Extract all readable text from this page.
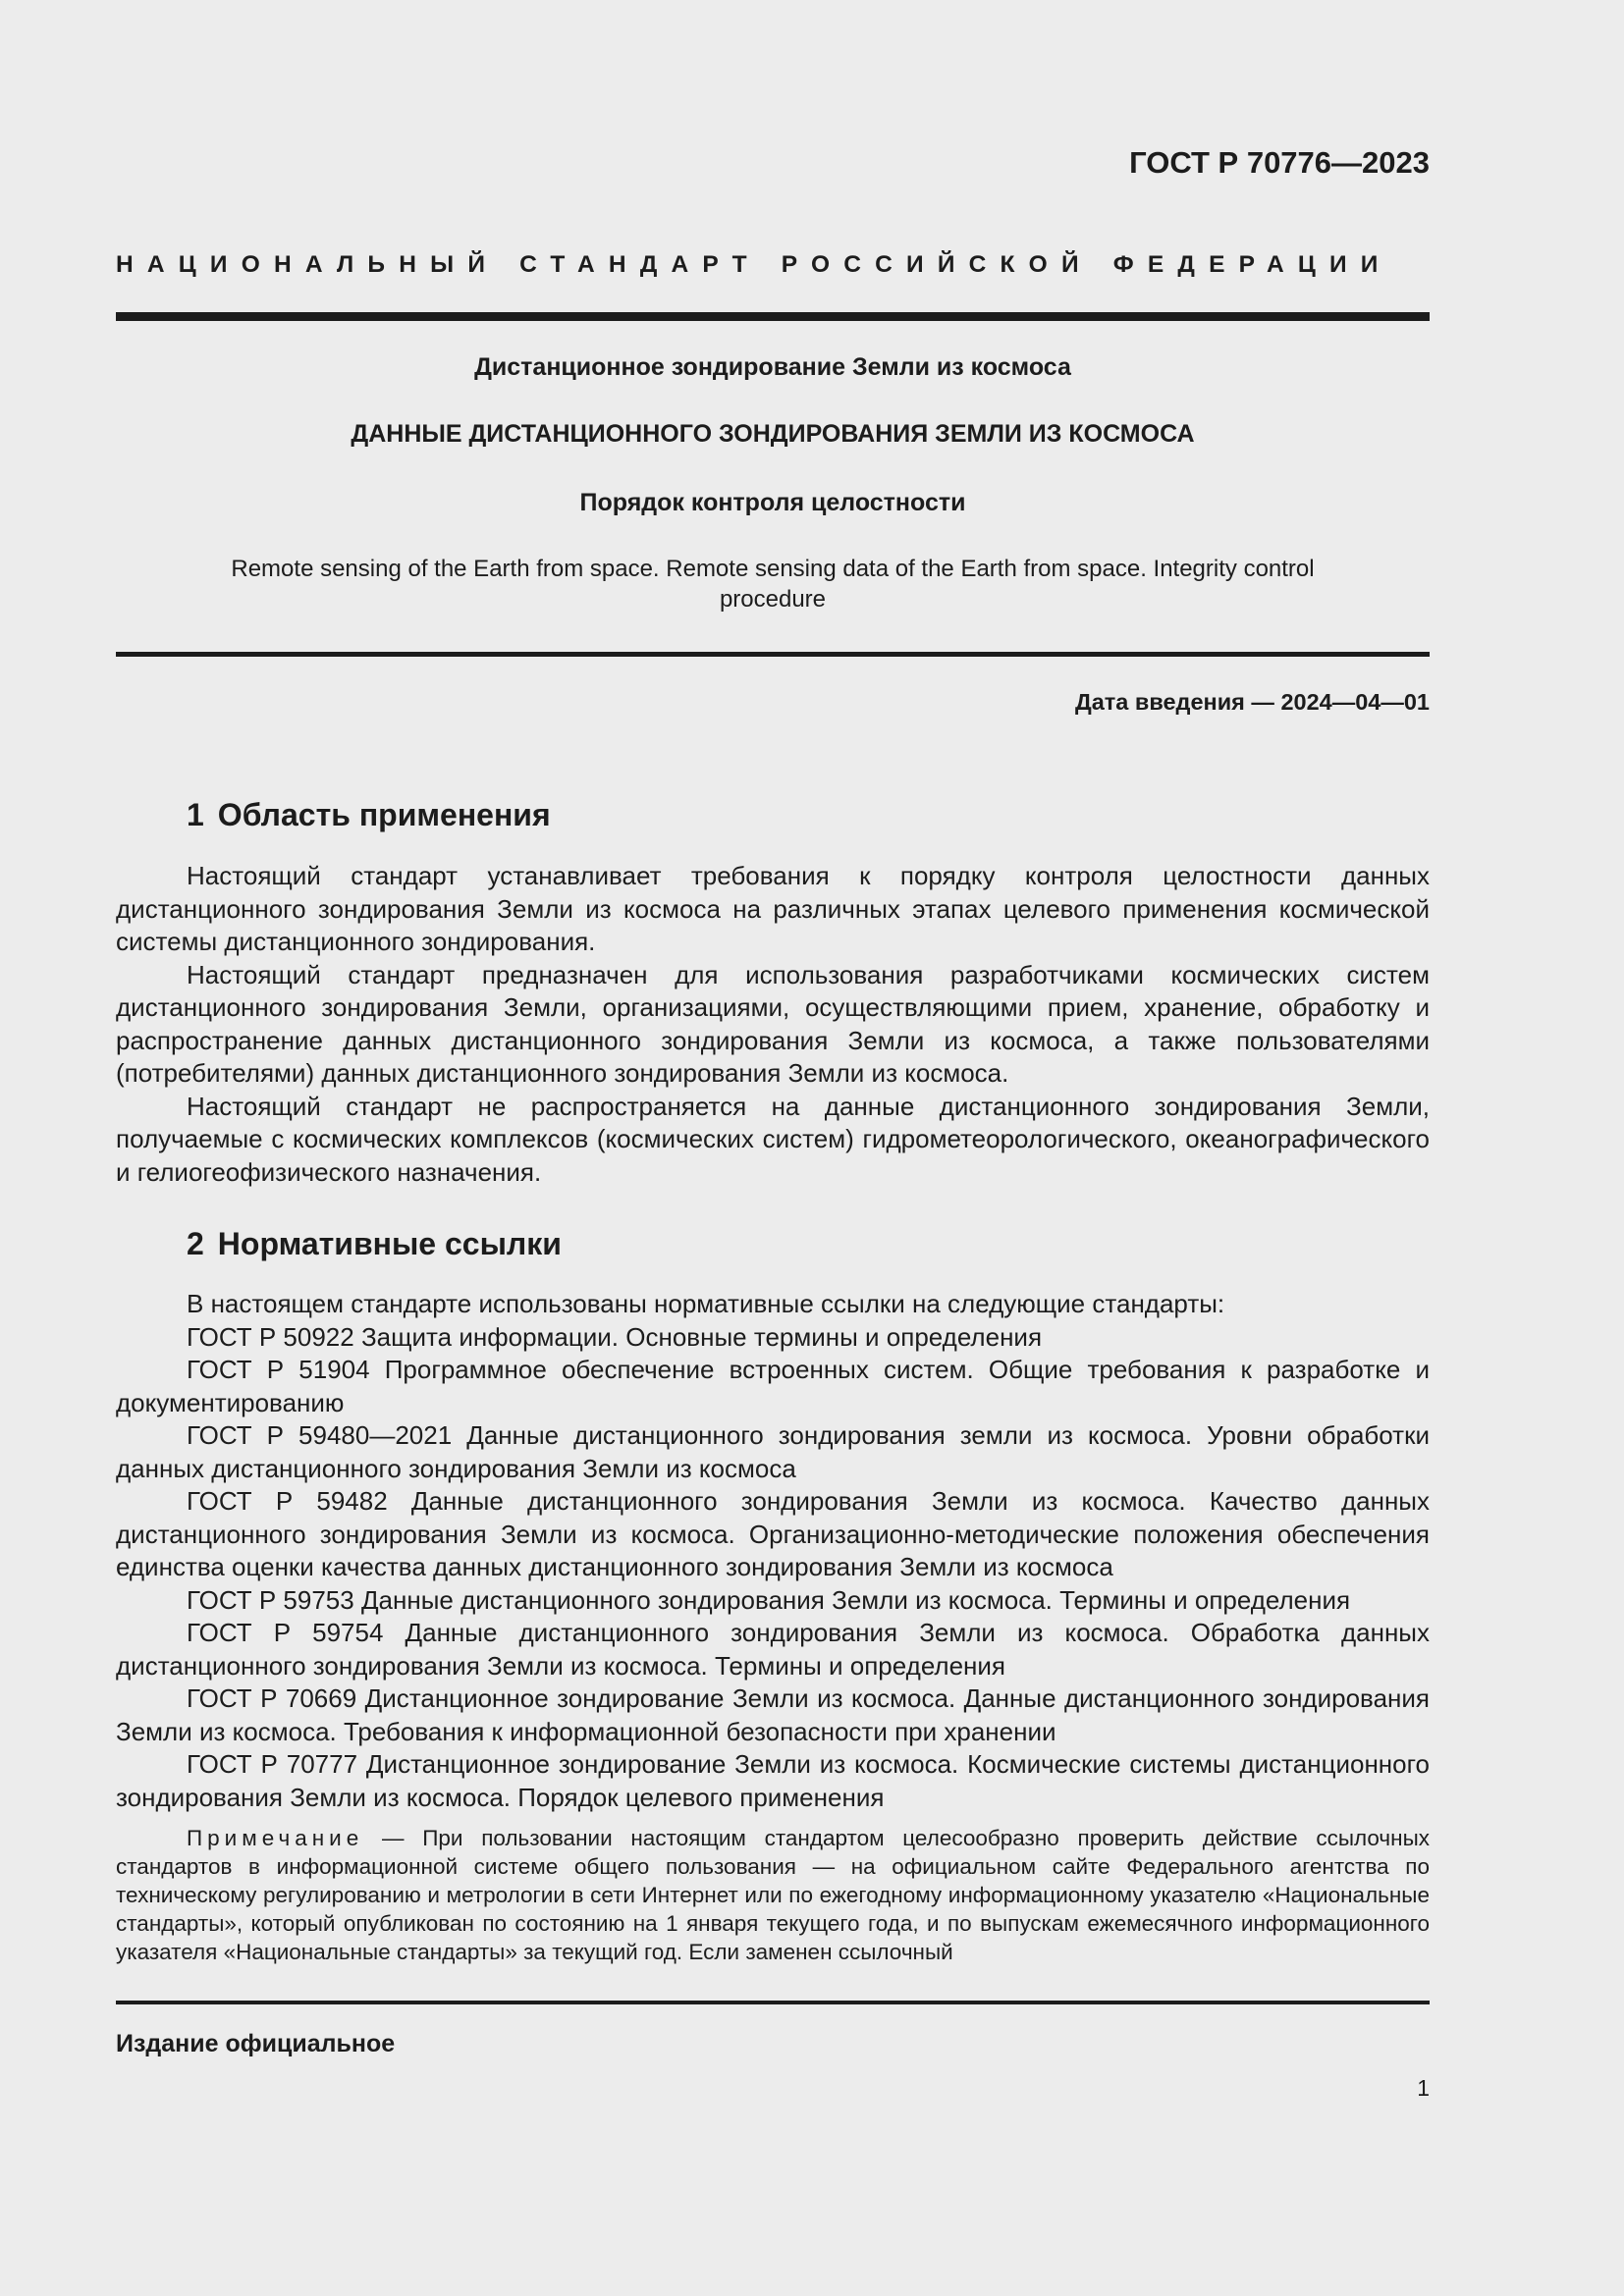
ГОСТ Р 70776—2023
НАЦИОНАЛЬНЫЙ СТАНДАРТ РОССИЙСКОЙ ФЕДЕРАЦИИ
Дистанционное зондирование Земли из космоса
ДАННЫЕ ДИСТАНЦИОННОГО ЗОНДИРОВАНИЯ ЗЕМЛИ ИЗ КОСМОСА
Порядок контроля целостности
Remote sensing of the Earth from space. Remote sensing data of the Earth from space. Integrity control procedure
Дата введения — 2024—04—01
1 Область применения

Настоящий стандарт устанавливает требования к порядку контроля целостности данных дистанционного зондирования Земли из космоса на различных этапах целевого применения космической системы дистанционного зондирования.

Настоящий стандарт предназначен для использования разработчиками космических систем дистанционного зондирования Земли, организациями, осуществляющими прием, хранение, обработку и распространение данных дистанционного зондирования Земли из космоса, а также пользователями (потребителями) данных дистанционного зондирования Земли из космоса.

Настоящий стандарт не распространяется на данные дистанционного зондирования Земли, получаемые с космических комплексов (космических систем) гидрометеорологического, океанографического и гелиогеофизического назначения.

2 Нормативные ссылки

В настоящем стандарте использованы нормативные ссылки на следующие стандарты:

ГОСТ Р 50922 Защита информации. Основные термины и определения

ГОСТ Р 51904 Программное обеспечение встроенных систем. Общие требования к разработке и документированию

ГОСТ Р 59480—2021 Данные дистанционного зондирования земли из космоса. Уровни обработки данных дистанционного зондирования Земли из космоса

ГОСТ Р 59482 Данные дистанционного зондирования Земли из космоса. Качество данных дистанционного зондирования Земли из космоса. Организационно-методические положения обеспечения единства оценки качества данных дистанционного зондирования Земли из космоса

ГОСТ Р 59753 Данные дистанционного зондирования Земли из космоса. Термины и определения

ГОСТ Р 59754 Данные дистанционного зондирования Земли из космоса. Обработка данных дистанционного зондирования Земли из космоса. Термины и определения

ГОСТ Р 70669 Дистанционное зондирование Земли из космоса. Данные дистанционного зондирования Земли из космоса. Требования к информационной безопасности при хранении

ГОСТ Р 70777 Дистанционное зондирование Земли из космоса. Космические системы дистанционного зондирования Земли из космоса. Порядок целевого применения

Примечание — При пользовании настоящим стандартом целесообразно проверить действие ссылочных стандартов в информационной системе общего пользования — на официальном сайте Федерального агентства по техническому регулированию и метрологии в сети Интернет или по ежегодному информационному указателю «Национальные стандарты», который опубликован по состоянию на 1 января текущего года, и по выпускам ежемесячного информационного указателя «Национальные стандарты» за текущий год. Если заменен ссылочный

Издание официальное
1
